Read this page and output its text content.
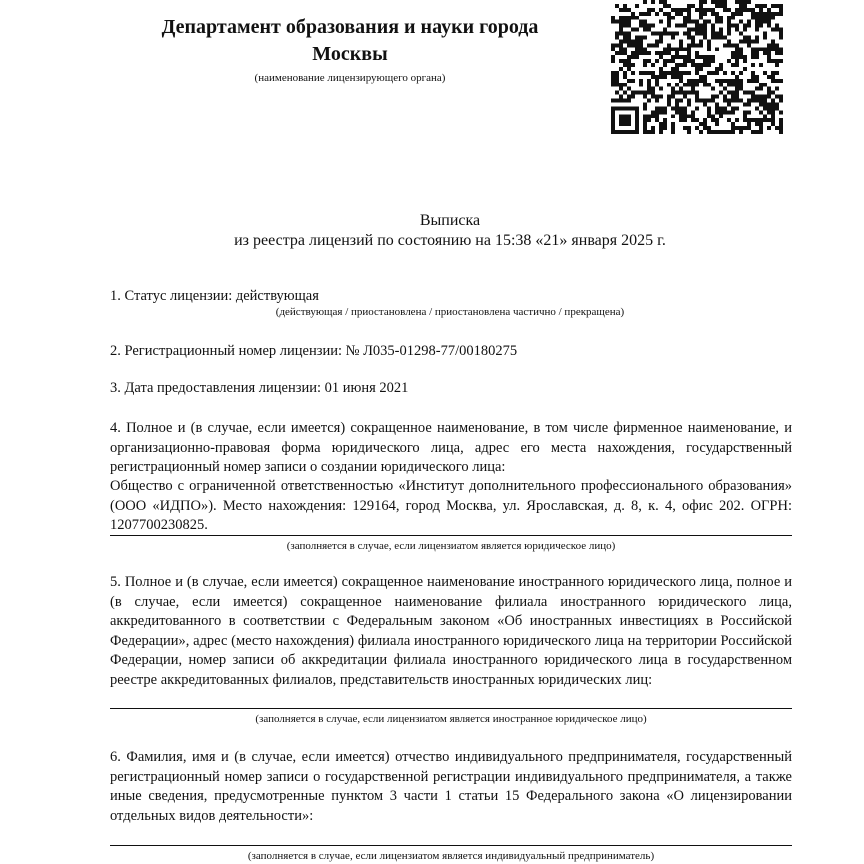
Департамент образования и науки города
Москвы
(наименование лицензирующего органа)
Выписка
из реестра лицензий по состоянию на 15:38 «21» января 2025 г.
1. Статус лицензии: действующая
(действующая / приостановлена / приостановлена частично / прекращена)
2. Регистрационный номер лицензии: № Л035-01298-77/00180275
3. Дата предоставления лицензии: 01 июня 2021
4. Полное и (в случае, если имеется) сокращенное наименование, в том числе фирменное наименование, и организационно-правовая форма юридического лица, адрес его места нахождения, государственный регистрационный номер записи о создании юридического лица:
Общество с ограниченной ответственностью «Институт дополнительного профессионального образования» (ООО «ИДПО»). Место нахождения: 129164, город Москва, ул. Ярославская, д. 8, к. 4, офис 202. ОГРН: 1207700230825.
(заполняется в случае, если лицензиатом является юридическое лицо)
5. Полное и (в случае, если имеется) сокращенное наименование иностранного юридического лица, полное и (в случае, если имеется) сокращенное наименование филиала иностранного юридического лица, аккредитованного в соответствии с Федеральным законом «Об иностранных инвестициях в Российской Федерации», адрес (место нахождения) филиала иностранного юридического лица на территории Российской Федерации, номер записи об аккредитации филиала иностранного юридического лица в государственном реестре аккредитованных филиалов, представительств иностранных юридических лиц:
(заполняется в случае, если лицензиатом является иностранное юридическое лицо)
6. Фамилия, имя и (в случае, если имеется) отчество индивидуального предпринимателя, государственный регистрационный номер записи о государственной регистрации индивидуального предпринимателя, а также иные сведения, предусмотренные пунктом 3 части 1 статьи 15 Федерального закона «О лицензировании отдельных видов деятельности»:
(заполняется в случае, если лицензиатом является индивидуальный предприниматель)
